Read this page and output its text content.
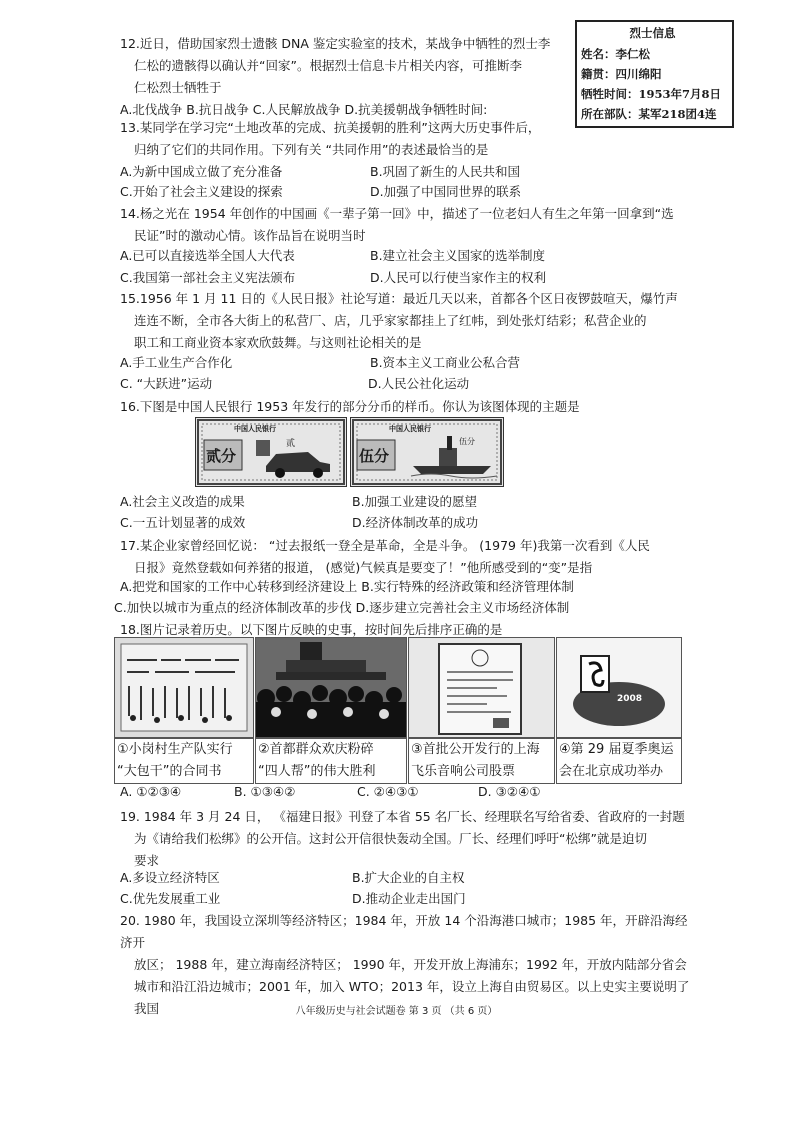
烈士信息
姓名：李仁松
籍贯：四川绵阳
牺牲时间：1953年7月8日
所在部队：某军218团4连
12.近日，借助国家烈士遗骸 DNA 鉴定实验室的技术，某战争中牺牲的烈士李
仁松的遗骸得以确认并“回家”。根据烈士信息卡片相关内容，可推断李
仁松烈士牺牲于
A.北伐战争 B.抗日战争 C.人民解放战争 D.抗美援朝战争牺牲时间:
13.某同学在学习完“土地改革的完成、抗美援朝的胜利”这两大历史事件后，
归纳了它们的共同作用。下列有关 “共同作用”的表述最恰当的是
A.为新中国成立做了充分准备	B.巩固了新生的人民共和国
C.开始了社会主义建设的探索	D.加强了中国同世界的联系
14.杨之光在 1954 年创作的中国画《一辈子第一回》中，描述了一位老妇人有生之年第一回拿到“选
民证”时的激动心情。该作品旨在说明当时
A.已可以直接选举全国人大代表	B.建立社会主义国家的选举制度
C.我国第一部社会主义宪法颁布	D.人民可以行使当家作主的权利
15.1956 年 1 月 11 日的《人民日报》社论写道：最近几天以来，首都各个区日夜锣鼓喧天，爆竹声
连连不断，全市各大街上的私营厂、店，几乎家家都挂上了红帏，到处张灯结彩；私营企业的
职工和工商业资本家欢欣鼓舞。与这则社论相关的是
A.手工业生产合作化	B.资本主义工商业公私合营
C. “大跃进”运动	D.人民公社化运动
16.下图是中国人民银行 1953 年发行的部分分币的样币。你认为该图体现的主题是
中国人民银行
贰分
贰
中国人民银行
伍分
伍分
A.社会主义改造的成果	B.加强工业建设的愿望
C.一五计划显著的成效	D.经济体制改革的成功
17.某企业家曾经回忆说： “过去报纸一登全是革命，全是斗争。 (1979 年)我第一次看到《人民
日报》竟然登载如何养猪的报道， (感觉)气候真是要变了！”他所感受到的“变”是指
A.把党和国家的工作中心转移到经济建设上 B.实行特殊的经济政策和经济管理体制
C.加快以城市为重点的经济体制改革的步伐 D.逐步建立完善社会主义市场经济体制
18.图片记录着历史。以下图片反映的史事，按时间先后排序正确的是
2008
①小岗村生产队实行
“大包干”的合同书
②首都群众欢庆粉碎
“四人帮”的伟大胜利
③首批公开发行的上海
飞乐音响公司股票
④第 29 届夏季奥运
会在北京成功举办
A. ①②③④	B. ①③④②	C. ②④③①	D. ③②④①
19. 1984 年 3 月 24 日， 《福建日报》刊登了本省 55 名厂长、经理联名写给省委、省政府的一封题
为《请给我们松绑》的公开信。这封公开信很快轰动全国。厂长、经理们呼吁“松绑”就是迫切
要求
A.多设立经济特区	B.扩大企业的自主权
C.优先发展重工业	D.推动企业走出国门
20. 1980 年，我国设立深圳等经济特区；1984 年，开放 14 个沿海港口城市；1985 年，开辟沿海经济开
放区； 1988 年，建立海南经济特区； 1990 年，开发开放上海浦东；1992 年，开放内陆部分省会
城市和沿江沿边城市；2001 年，加入 WTO；2013 年，设立上海自由贸易区。以上史实主要说明了
我国	八年级历史与社会试题卷 第 3 页 （共 6 页）
